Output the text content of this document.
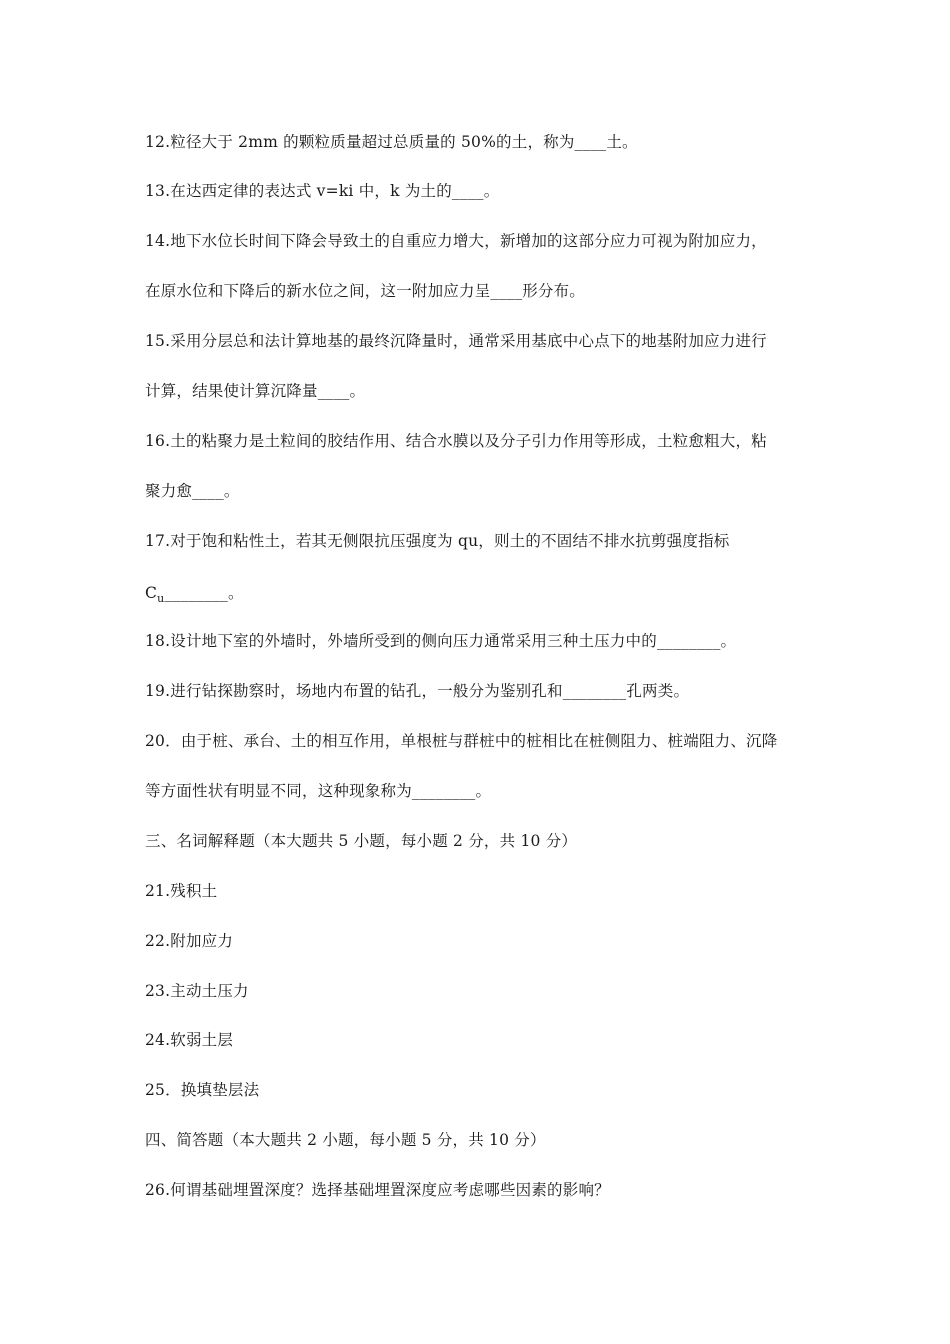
12.粒径大于 2mm 的颗粒质量超过总质量的 50%的土，称为____土。
13.在达西定律的表达式 v=ki 中，k 为土的____。
14.地下水位长时间下降会导致土的自重应力增大，新增加的这部分应力可视为附加应力，
在原水位和下降后的新水位之间，这一附加应力呈____形分布。
15.采用分层总和法计算地基的最终沉降量时，通常采用基底中心点下的地基附加应力进行
计算，结果使计算沉降量____。
16.土的粘聚力是土粒间的胶结作用、结合水膜以及分子引力作用等形成，土粒愈粗大，粘
聚力愈____。
17.对于饱和粘性土，若其无侧限抗压强度为 qu，则土的不固结不排水抗剪强度指标
$C_u\_\_\_\_\_\_\_\_$。
18.设计地下室的外墙时，外墙所受到的侧向压力通常采用三种土压力中的________。
19.进行钻探勘察时，场地内布置的钻孔，一般分为鉴别孔和________孔两类。
20．由于桩、承台、土的相互作用，单根桩与群桩中的桩相比在桩侧阻力、桩端阻力、沉降
等方面性状有明显不同，这种现象称为________。
三、名词解释题（本大题共 5 小题，每小题 2 分，共 10 分）
21.残积土
22.附加应力
23.主动土压力
24.软弱土层
25．换填垫层法
四、简答题（本大题共 2 小题，每小题 5 分，共 10 分）
26.何谓基础埋置深度？选择基础埋置深度应考虑哪些因素的影响？
